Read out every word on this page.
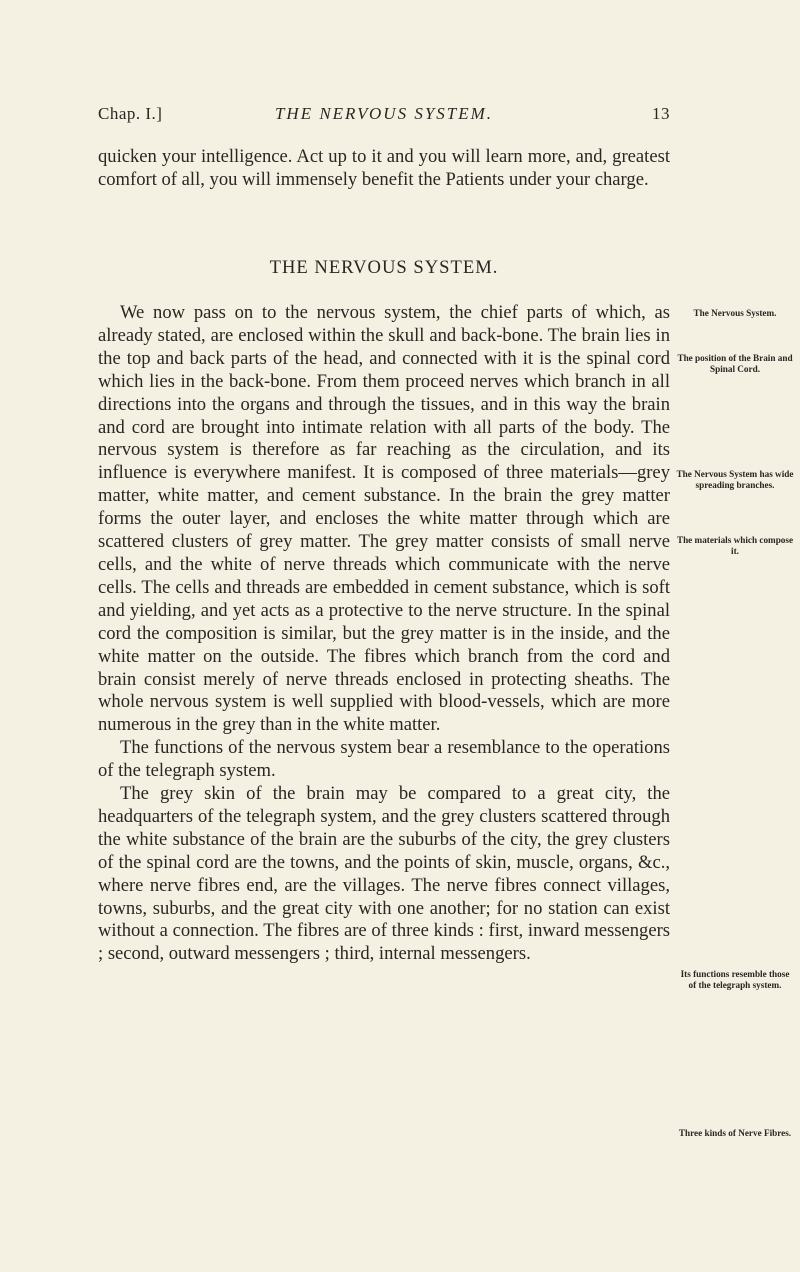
Chap. I.]	THE NERVOUS SYSTEM.	13

quicken your intelligence. Act up to it and you will learn more, and, greatest comfort of all, you will immensely benefit the Patients under your charge.

THE NERVOUS SYSTEM.

We now pass on to the nervous system, the chief parts of which, as already stated, are enclosed within the skull and back-bone. The brain lies in the top and back parts of the head, and connected with it is the spinal cord which lies in the back-bone. From them proceed nerves which branch in all directions into the organs and through the tissues, and in this way the brain and cord are brought into intimate relation with all parts of the body. The nervous system is therefore as far reaching as the circulation, and its influence is everywhere manifest. It is composed of three materials—grey matter, white matter, and cement substance. In the brain the grey matter forms the outer layer, and encloses the white matter through which are scattered clusters of grey matter. The grey matter consists of small nerve cells, and the white of nerve threads which communicate with the nerve cells. The cells and threads are embedded in cement substance, which is soft and yielding, and yet acts as a protective to the nerve structure. In the spinal cord the composition is similar, but the grey matter is in the inside, and the white matter on the outside. The fibres which branch from the cord and brain consist merely of nerve threads enclosed in protecting sheaths. The whole nervous system is well supplied with blood-vessels, which are more numerous in the grey than in the white matter.

The functions of the nervous system bear a resemblance to the operations of the telegraph system.

The grey skin of the brain may be compared to a great city, the headquarters of the telegraph system, and the grey clusters scattered through the white substance of the brain are the suburbs of the city, the grey clusters of the spinal cord are the towns, and the points of skin, muscle, organs, &c., where nerve fibres end, are the villages. The nerve fibres connect villages, towns, suburbs, and the great city with one another; for no station can exist without a connection. The fibres are of three kinds : first, inward messengers ; second, outward messengers ; third, internal messengers.

The Nervous System.
The position of the Brain and Spinal Cord.
The Nervous System has wide spreading branches.
The materials which compose it.
Its functions resemble those of the telegraph system.
Three kinds of Nerve Fibres.
